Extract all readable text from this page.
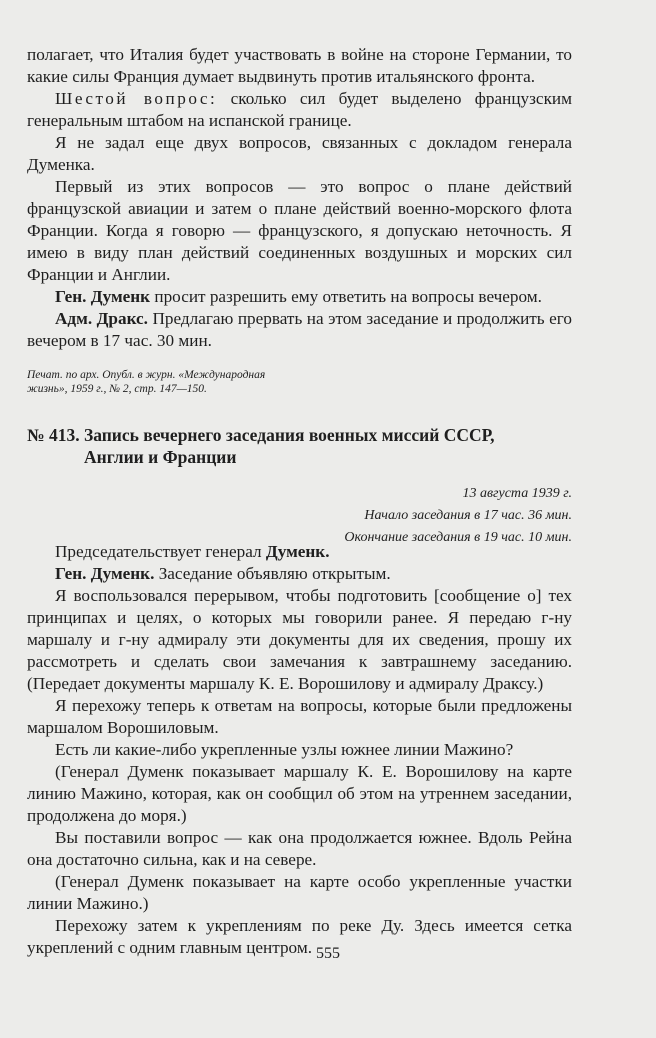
полагает, что Италия будет участвовать в войне на стороне Германии, то какие силы Франция думает выдвинуть против итальянского фронта.

Шестой вопрос: сколько сил будет выделено французским генеральным штабом на испанской границе.

Я не задал еще двух вопросов, связанных с докладом генерала Думенка.

Первый из этих вопросов — это вопрос о плане действий французской авиации и затем о плане действий военно-морского флота Франции. Когда я говорю — французского, я допускаю неточность. Я имею в виду план действий соединенных воздушных и морских сил Франции и Англии.

Ген. Думенк просит разрешить ему ответить на вопросы вечером.

Адм. Дракс. Предлагаю прервать на этом заседание и продолжить его вечером в 17 час. 30 мин.

Печат. по арх. Опубл. в журн. «Международная жизнь», 1959 г., № 2, стр. 147—150.

№ 413. Запись вечернего заседания военных миссий СССР,
Англии и Франции

13 августа 1939 г.

Начало заседания в 17 час. 36 мин.

Окончание заседания в 19 час. 10 мин.

Председательствует генерал Думенк.

Ген. Думенк. Заседание объявляю открытым.

Я воспользовался перерывом, чтобы подготовить [сообщение о] тех принципах и целях, о которых мы говорили ранее. Я передаю г-ну маршалу и г-ну адмиралу эти документы для их сведения, прошу их рассмотреть и сделать свои замечания к завтрашнему заседанию. (Передает документы маршалу К. Е. Ворошилову и адмиралу Драксу.)

Я перехожу теперь к ответам на вопросы, которые были предложены маршалом Ворошиловым.

Есть ли какие-либо укрепленные узлы южнее линии Мажино?

(Генерал Думенк показывает маршалу К. Е. Ворошилову на карте линию Мажино, которая, как он сообщил об этом на утреннем заседании, продолжена до моря.)

Вы поставили вопрос — как она продолжается южнее. Вдоль Рейна она достаточно сильна, как и на севере.

(Генерал Думенк показывает на карте особо укрепленные участки линии Мажино.)

Перехожу затем к укреплениям по реке Ду. Здесь имеется сетка укреплений с одним главным центром. 555
